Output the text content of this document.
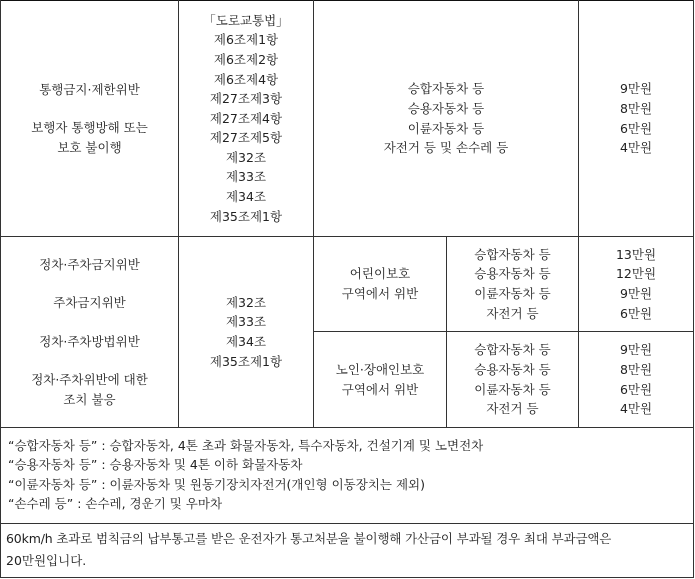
통행금지·제한위반
보행자 통행방해 또는
보호 불이행
「도로교통법」
제6조제1항
제6조제2항
제6조제4항
제27조제3항
제27조제4항
제27조제5항
제32조
제33조
제34조
제35조제1항
승합자동차 등
승용자동차 등
이륜자동차 등
자전거 등 및 손수레 등
9만원
8만원
6만원
4만원
정차·주차금지위반
주차금지위반
정차·주차방법위반
정차·주차위반에 대한
조치 불응
제32조
제33조
제34조
제35조제1항
어린이보호
구역에서 위반
승합자동차 등
승용자동차 등
이륜자동차 등
자전거 등
13만원
12만원
9만원
6만원
노인·장애인보호
구역에서 위반
승합자동차 등
승용자동차 등
이륜자동차 등
자전거 등
9만원
8만원
6만원
4만원
“승합자동차 등” : 승합자동차, 4톤 초과 화물자동차, 특수자동차, 건설기계 및 노면전차
“승용자동차 등” : 승용자동차 및 4톤 이하 화물자동차
“이륜자동차 등” : 이륜자동차 및 원동기장치자전거(개인형 이동장치는 제외)
“손수레 등” : 손수레, 경운기 및 우마차
60km/h 초과로 범칙금의 납부통고를 받은 운전자가 통고처분을 불이행해 가산금이 부과될 경우 최대 부과금액은
20만원입니다.
